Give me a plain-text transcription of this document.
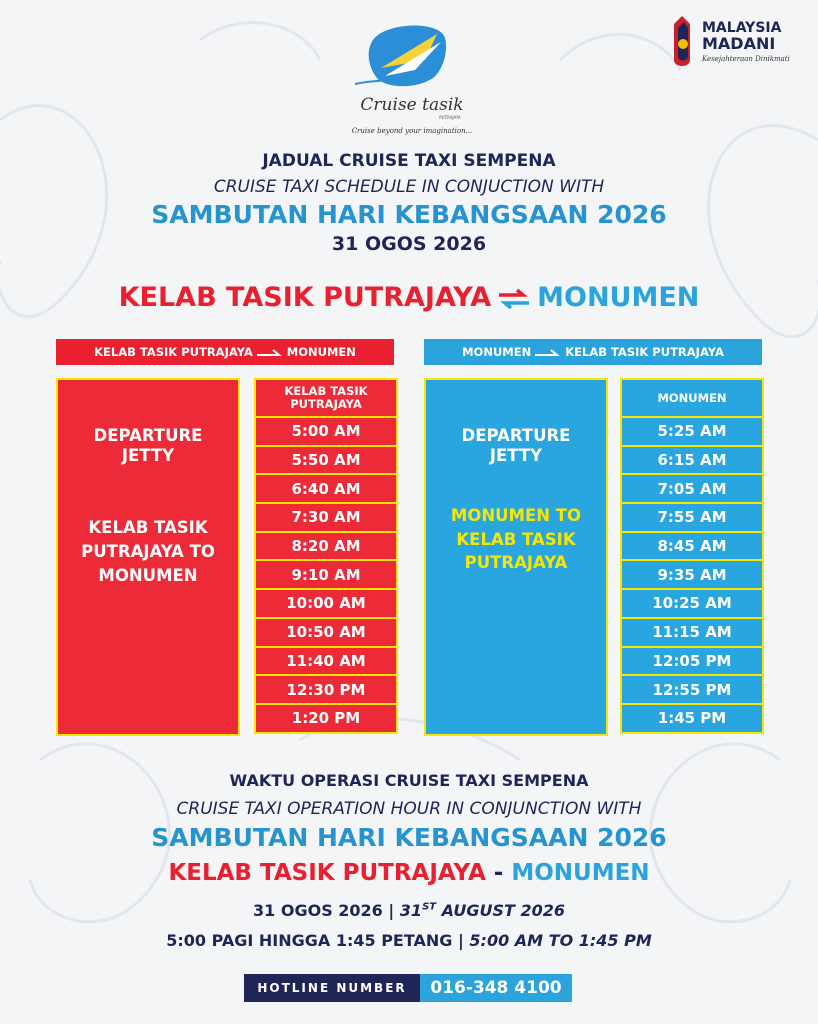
Cruise tasik
PUTRAJAYA
Cruise beyond your imagination...
MALAYSIA
MADANI
Kesejahteraan Dinikmati
JADUAL CRUISE TAXI SEMPENA
CRUISE TAXI SCHEDULE IN CONJUCTION WITH
SAMBUTAN HARI KEBANGSAAN 2026
31 OGOS 2026
KELAB TASIK PUTRAJAYA MONUMEN
KELAB TASIK PUTRAJAYA	MONUMEN	MONUMEN	KELAB TASIK PUTRAJAYA
DEPARTURE JETTY
KELAB TASIK PUTRAJAYA TO MONUMEN
DEPARTURE JETTY
MONUMEN TO KELAB TASIK PUTRAJAYA
KELAB TASIK PUTRAJAYA
5:00 AM
5:50 AM
6:40 AM
7:30 AM
8:20 AM
9:10 AM
10:00 AM
10:50 AM
11:40 AM
12:30 PM
1:20 PM
MONUMEN
5:25 AM
6:15 AM
7:05 AM
7:55 AM
8:45 AM
9:35 AM
10:25 AM
11:15 AM
12:05 PM
12:55 PM
1:45 PM
WAKTU OPERASI CRUISE TAXI SEMPENA
CRUISE TAXI OPERATION HOUR IN CONJUNCTION WITH
SAMBUTAN HARI KEBANGSAAN 2026
KELAB TASIK PUTRAJAYA - MONUMEN
31 OGOS 2026 | 31ST AUGUST 2026
5:00 PAGI HINGGA 1:45 PETANG | 5:00 AM TO 1:45 PM
HOTLINE NUMBER	016-348 4100
